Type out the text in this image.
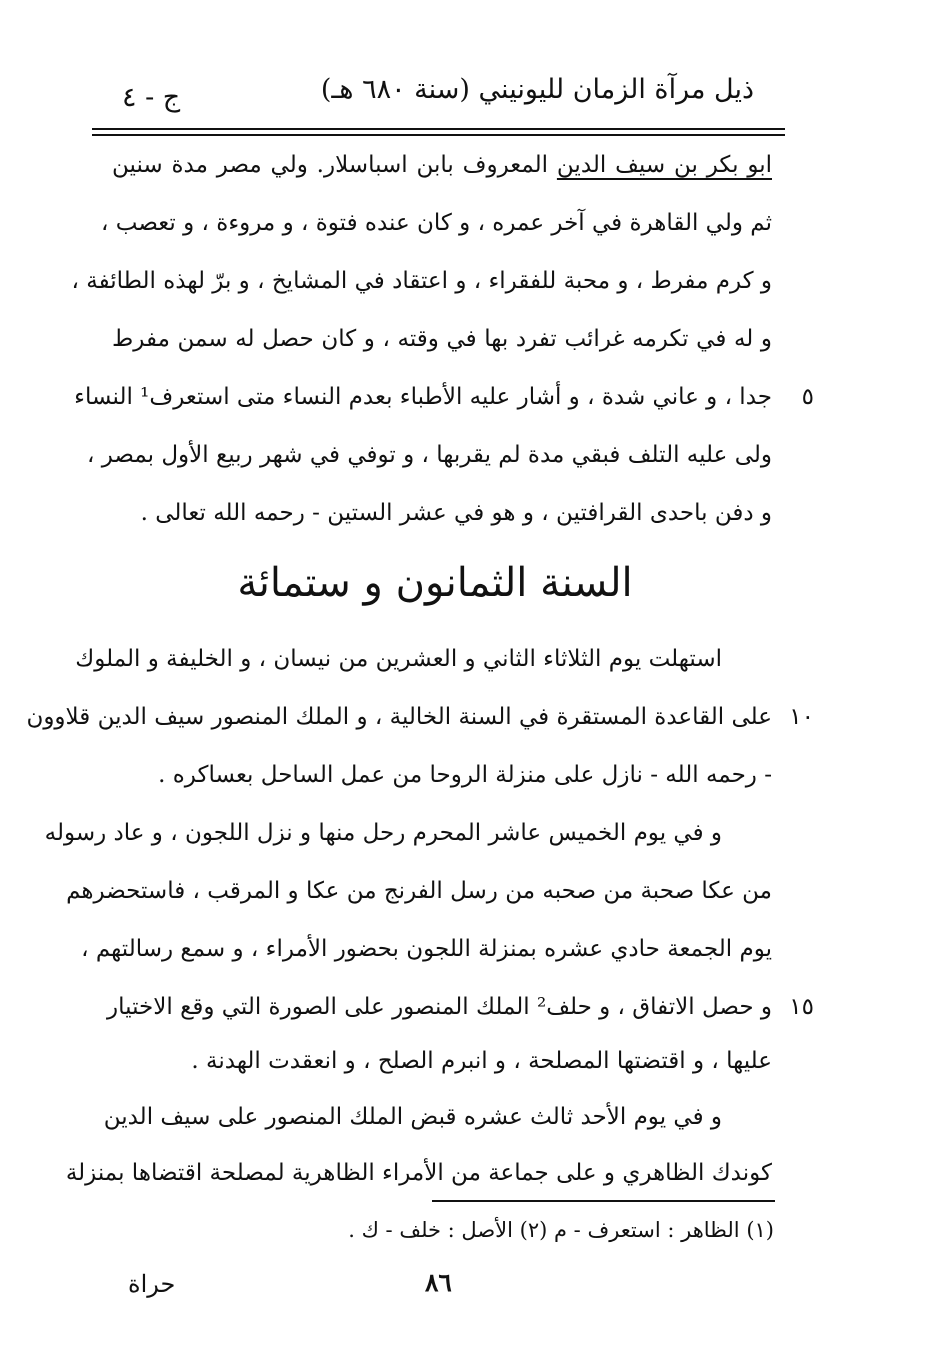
ذيل مرآة الزمان لليونيني (سنة ٦٨٠ هـ)
ج - ٤
ابو بكر بن سيف الدين المعروف بابن اسباسلار. ولي مصر مدة سنين
ثم ولي القاهرة في آخر عمره ، و كان عنده فتوة ، و مروءة ، و تعصب ،
و كرم مفرط ، و محبة للفقراء ، و اعتقاد في المشايخ ، و برّ لهذه الطائفة ،
و له في تكرمه غرائب تفرد بها في وقته ، و كان حصل له سمن مفرط
جدا ، و عاني شدة ، و أشار عليه الأطباء بعدم النساء متى استعرف¹ النساء ٥
ولى عليه التلف فبقي مدة لم يقربها ، و توفي في شهر ربيع الأول بمصر ،
و دفن باحدى القرافتين ، و هو في عشر الستين - رحمه الله تعالى .
السنة الثمانون و ستمائة
استهلت يوم الثلاثاء الثاني و العشرين من نيسان ، و الخليفة و الملوك
على القاعدة المستقرة في السنة الخالية ، و الملك المنصور سيف الدين قلاوون ١٠
- رحمه الله - نازل على منزلة الروحا من عمل الساحل بعساكره .
و في يوم الخميس عاشر المحرم رحل منها و نزل اللجون ، و عاد رسوله
من عكا صحبة من صحبه من رسل الفرنج من عكا و المرقب ، فاستحضرهم
يوم الجمعة حادي عشره بمنزلة اللجون بحضور الأمراء ، و سمع رسالتهم ،
و حصل الاتفاق ، و حلف² الملك المنصور على الصورة التي وقع الاختيار ١٥
عليها ، و اقتضتها المصلحة ، و انبرم الصلح ، و انعقدت الهدنة .
و في يوم الأحد ثالث عشره قبض الملك المنصور على سيف الدين
كوندك الظاهري و على جماعة من الأمراء الظاهرية لمصلحة اقتضاها بمنزلة
(١) الظاهر : استعرف - م (٢) الأصل : خلف - ك .
٨٦
حراة
